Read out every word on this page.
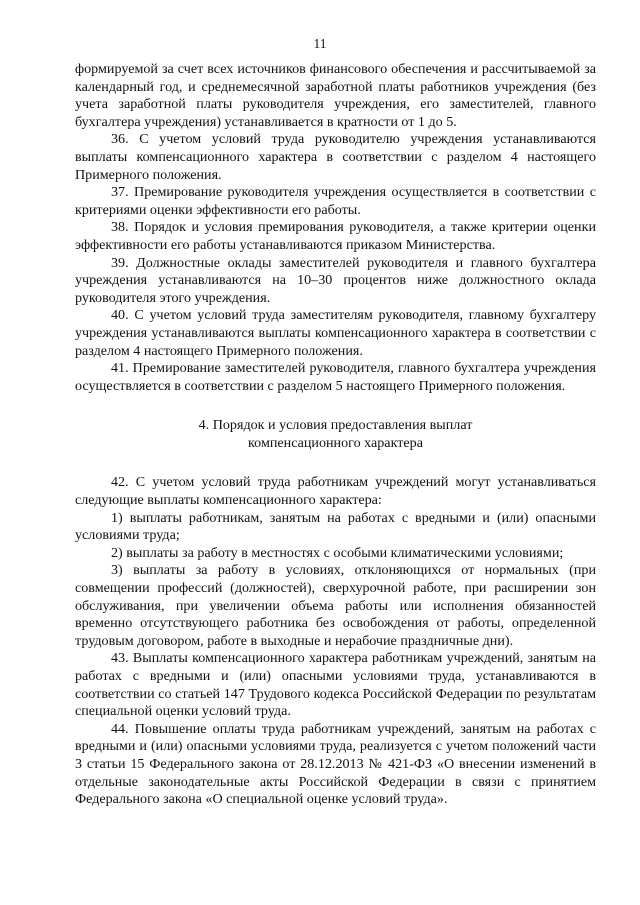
11

формируемой за счет всех источников финансового обеспечения и рассчитываемой за календарный год, и среднемесячной заработной платы работников учреждения (без учета заработной платы руководителя учреждения, его заместителей, главного бухгалтера учреждения) устанавливается в кратности от 1 до 5.

36. С учетом условий труда руководителю учреждения устанавливаются выплаты компенсационного характера в соответствии с разделом 4 настоящего Примерного положения.

37. Премирование руководителя учреждения осуществляется в соответствии с критериями оценки эффективности его работы.

38. Порядок и условия премирования руководителя, а также критерии оценки эффективности его работы устанавливаются приказом Министерства.

39. Должностные оклады заместителей руководителя и главного бухгалтера учреждения устанавливаются на 10–30 процентов ниже должностного оклада руководителя этого учреждения.

40. С учетом условий труда заместителям руководителя, главному бухгалтеру учреждения устанавливаются выплаты компенсационного характера в соответствии с разделом 4 настоящего Примерного положения.

41. Премирование заместителей руководителя, главного бухгалтера учреждения осуществляется в соответствии с разделом 5 настоящего Примерного положения.

4. Порядок и условия предоставления выплат
компенсационного характера

42. С учетом условий труда работникам учреждений могут устанавливаться следующие выплаты компенсационного характера:

1) выплаты работникам, занятым на работах с вредными и (или) опасными условиями труда;

2) выплаты за работу в местностях с особыми климатическими условиями;

3) выплаты за работу в условиях, отклоняющихся от нормальных (при совмещении профессий (должностей), сверхурочной работе, при расширении зон обслуживания, при увеличении объема работы или исполнения обязанностей временно отсутствующего работника без освобождения от работы, определенной трудовым договором, работе в выходные и нерабочие праздничные дни).

43. Выплаты компенсационного характера работникам учреждений, занятым на работах с вредными и (или) опасными условиями труда, устанавливаются в соответствии со статьей 147 Трудового кодекса Российской Федерации по результатам специальной оценки условий труда.

44. Повышение оплаты труда работникам учреждений, занятым на работах с вредными и (или) опасными условиями труда, реализуется с учетом положений части 3 статьи 15 Федерального закона от 28.12.2013 № 421-ФЗ «О внесении изменений в отдельные законодательные акты Российской Федерации в связи с принятием Федерального закона «О специальной оценке условий труда».
